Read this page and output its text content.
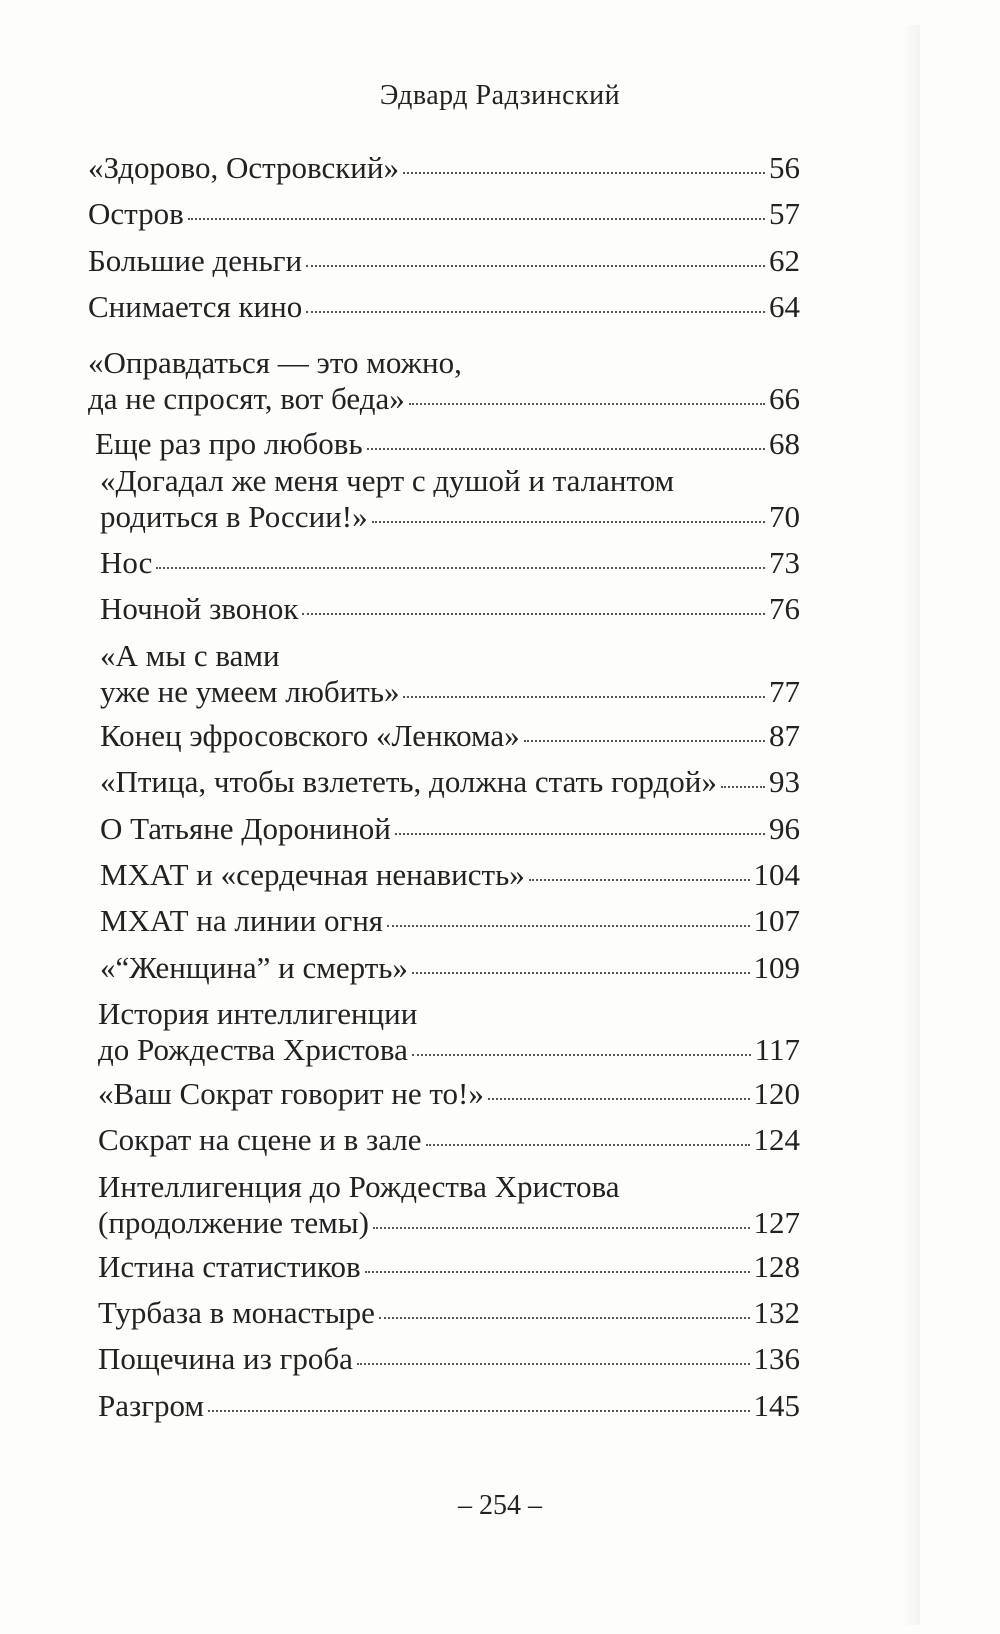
Эдвард Радзинский
«Здорово, Островский»	56
Остров	57
Большие деньги	62
Снимается кино	64
«Оправдаться — это можно,
да не спросят, вот беда»	66
Еще раз про любовь	68
«Догадал же меня черт с душой и талантом
родиться в России!»	70
Нос	73
Ночной звонок	76
«А мы с вами
уже не умеем любить»	77
Конец эфросовского «Ленкома»	87
«Птица, чтобы взлететь, должна стать гордой» 93
О Татьяне Дорониной	96
МХАТ и «сердечная ненависть»	104
МХАТ на линии огня	107
«“Женщина” и смерть»	109
История интеллигенции
до Рождества Христова	117
«Ваш Сократ говорит не то!»	120
Сократ на сцене и в зале	124
Интеллигенция до Рождества Христова
(продолжение темы)	127
Истина статистиков	128
Турбаза в монастыре	132
Пощечина из гроба	136
Разгром	145
– 254 –
